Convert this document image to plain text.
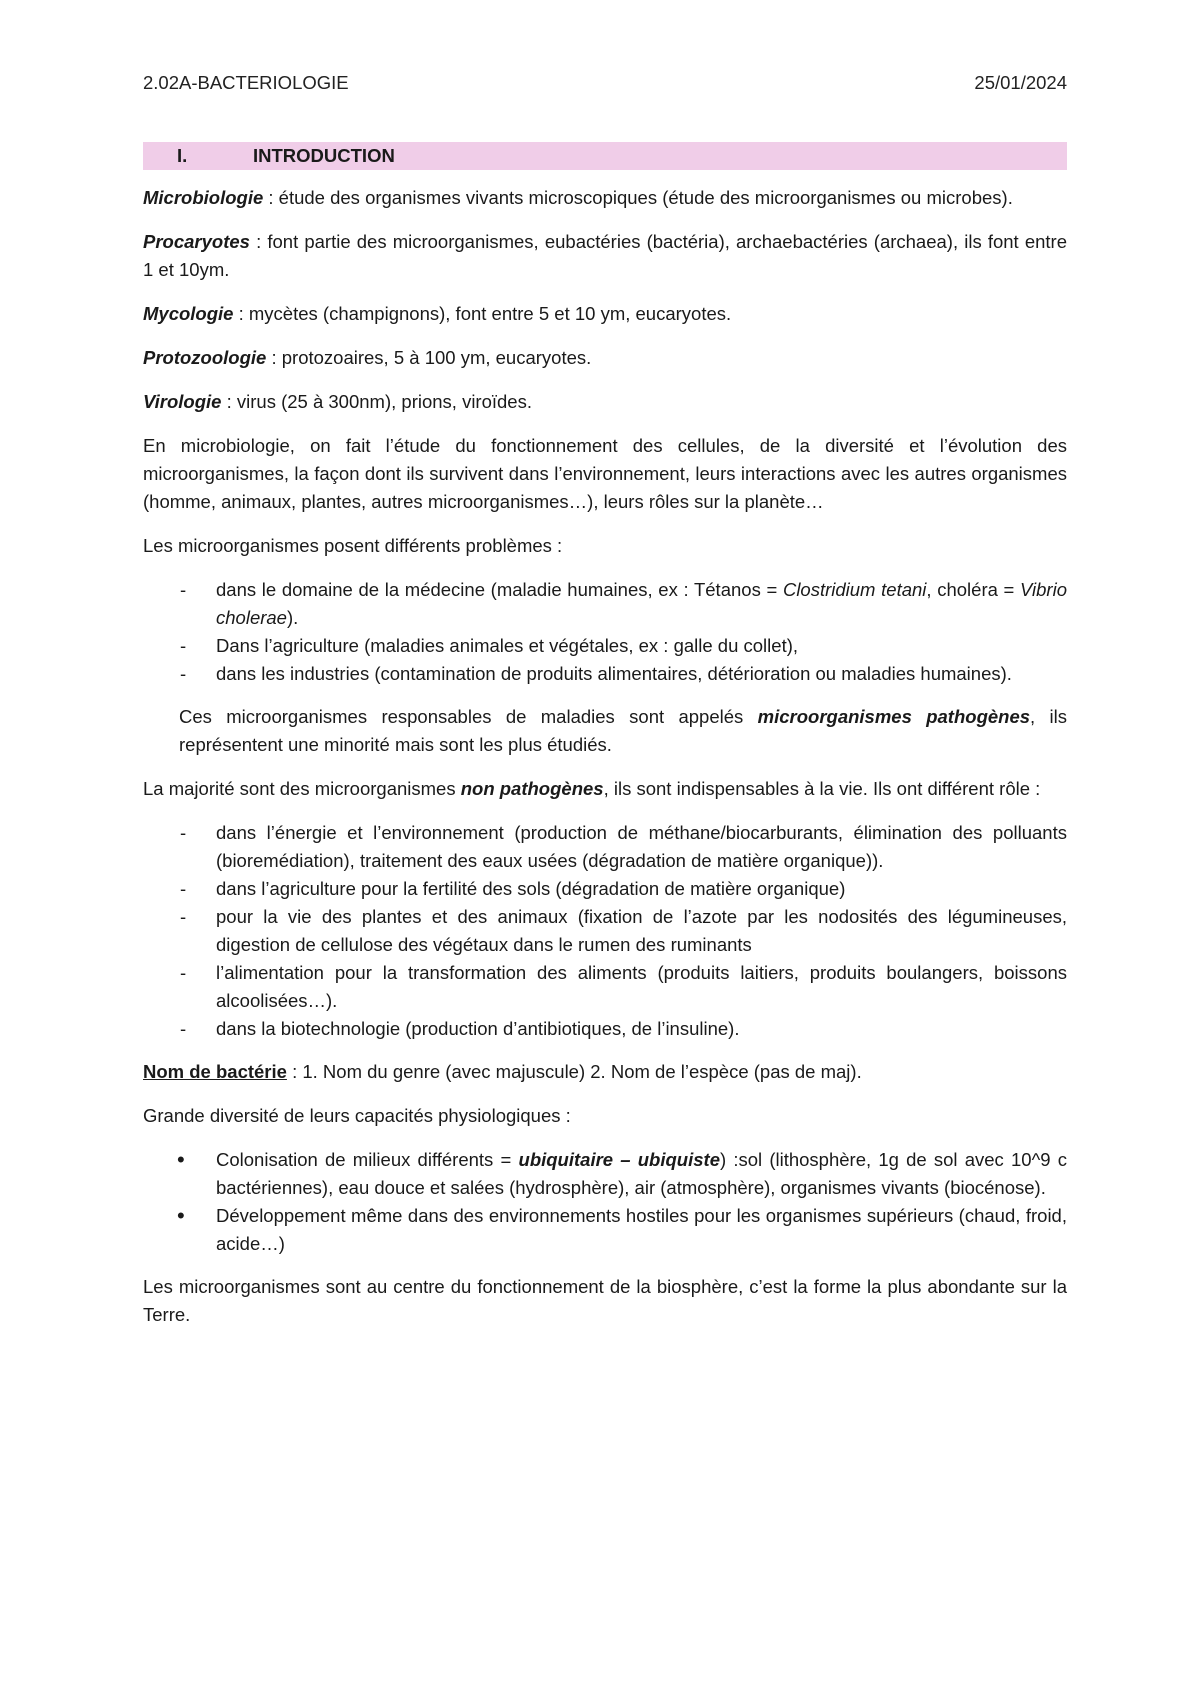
2.02A-BACTERIOLOGIE	25/01/2024
I.	INTRODUCTION

Microbiologie : étude des organismes vivants microscopiques (étude des microorganismes ou microbes).

Procaryotes : font partie des microorganismes, eubactéries (bactéria), archaebactéries (archaea), ils font entre 1 et 10ym.

Mycologie : mycètes (champignons), font entre 5 et 10 ym, eucaryotes.

Protozoologie : protozoaires, 5 à 100 ym, eucaryotes.

Virologie : virus (25 à 300nm), prions, viroïdes.

En microbiologie, on fait l’étude du fonctionnement des cellules, de la diversité et l’évolution des microorganismes, la façon dont ils survivent dans l’environnement, leurs interactions avec les autres organismes (homme, animaux, plantes, autres microorganismes…), leurs rôles sur la planète…

Les microorganismes posent différents problèmes :

- dans le domaine de la médecine (maladie humaines, ex : Tétanos = Clostridium tetani, choléra = Vibrio cholerae).
- Dans l’agriculture (maladies animales et végétales, ex : galle du collet),
- dans les industries (contamination de produits alimentaires, détérioration ou maladies humaines).

Ces microorganismes responsables de maladies sont appelés microorganismes pathogènes, ils représentent une minorité mais sont les plus étudiés.

La majorité sont des microorganismes non pathogènes, ils sont indispensables à la vie. Ils ont différent rôle :

- dans l’énergie et l’environnement (production de méthane/biocarburants, élimination des polluants (bioremédiation), traitement des eaux usées (dégradation de matière organique)).
- dans l’agriculture pour la fertilité des sols (dégradation de matière organique)
- pour la vie des plantes et des animaux (fixation de l’azote par les nodosités des légumineuses, digestion de cellulose des végétaux dans le rumen des ruminants
- l’alimentation pour la transformation des aliments (produits laitiers, produits boulangers, boissons alcoolisées…).
- dans la biotechnologie (production d’antibiotiques, de l’insuline).

Nom de bactérie : 1. Nom du genre (avec majuscule) 2. Nom de l’espèce (pas de maj).

Grande diversité de leurs capacités physiologiques :

• Colonisation de milieux différents = ubiquitaire – ubiquiste) :sol (lithosphère, 1g de sol avec 10^9 c bactériennes), eau douce et salées (hydrosphère), air (atmosphère), organismes vivants (biocénose).
• Développement même dans des environnements hostiles pour les organismes supérieurs (chaud, froid, acide…)

Les microorganismes sont au centre du fonctionnement de la biosphère, c’est la forme la plus abondante sur la Terre.
